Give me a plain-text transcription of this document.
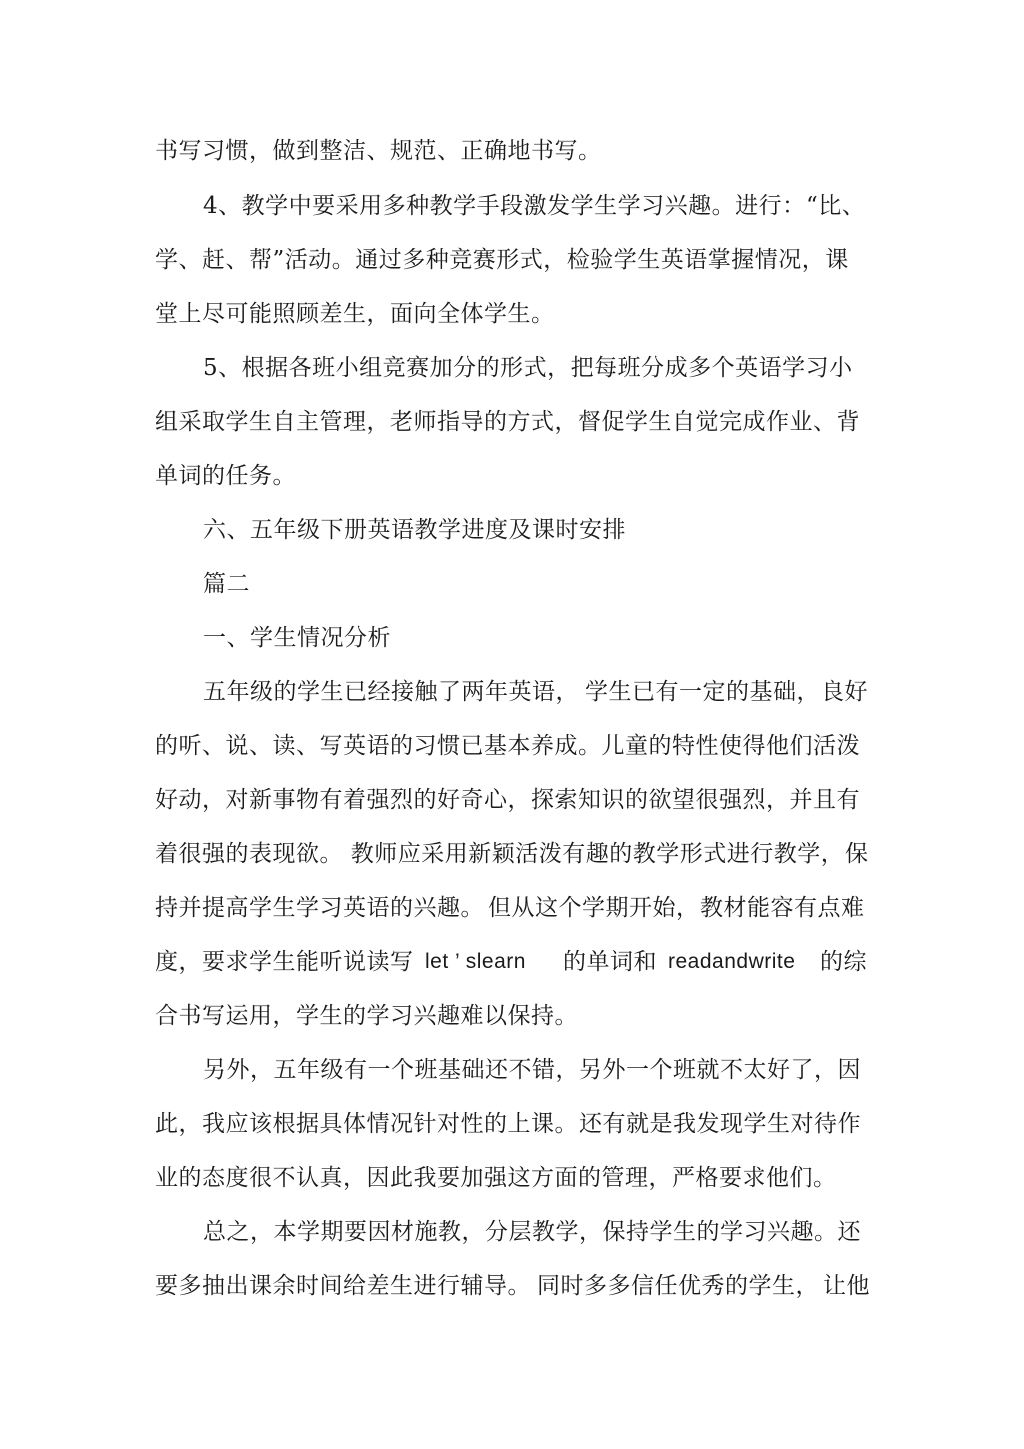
书写习惯，做到整洁、规范、正确地书写。
4、教学中要采用多种教学手段激发学生学习兴趣。进行： “比、
学、赶、帮”活动。通过多种竞赛形式，检验学生英语掌握情况，课
堂上尽可能照顾差生，面向全体学生。
5、根据各班小组竞赛加分的形式，把每班分成多个英语学习小
组采取学生自主管理，老师指导的方式，督促学生自觉完成作业、背
单词的任务。
六、五年级下册英语教学进度及课时安排
篇二
一、学生情况分析
五年级的学生已经接触了两年英语， 学生已有一定的基础， 良好
的听、说、读、写英语的习惯已基本养成。儿童的特性使得他们活泼
好动，对新事物有着强烈的好奇心，探索知识的欲望很强烈，并且有
着很强的表现欲。 教师应采用新颖活泼有趣的教学形式进行教学， 保
持并提高学生学习英语的兴趣。 但从这个学期开始， 教材能容有点难
度，要求学生能听说读写 let ’ slearn 的单词和 readandwrite 的综
合书写运用，学生的学习兴趣难以保持。
另外，五年级有一个班基础还不错，另外一个班就不太好了，因
此，我应该根据具体情况针对性的上课。 还有就是我发现学生对待作
业的态度很不认真，因此我要加强这方面的管理，严格要求他们。
总之，本学期要因材施教，分层教学，保持学生的学习兴趣。还
要多抽出课余时间给差生进行辅导。 同时多多信任优秀的学生， 让他
